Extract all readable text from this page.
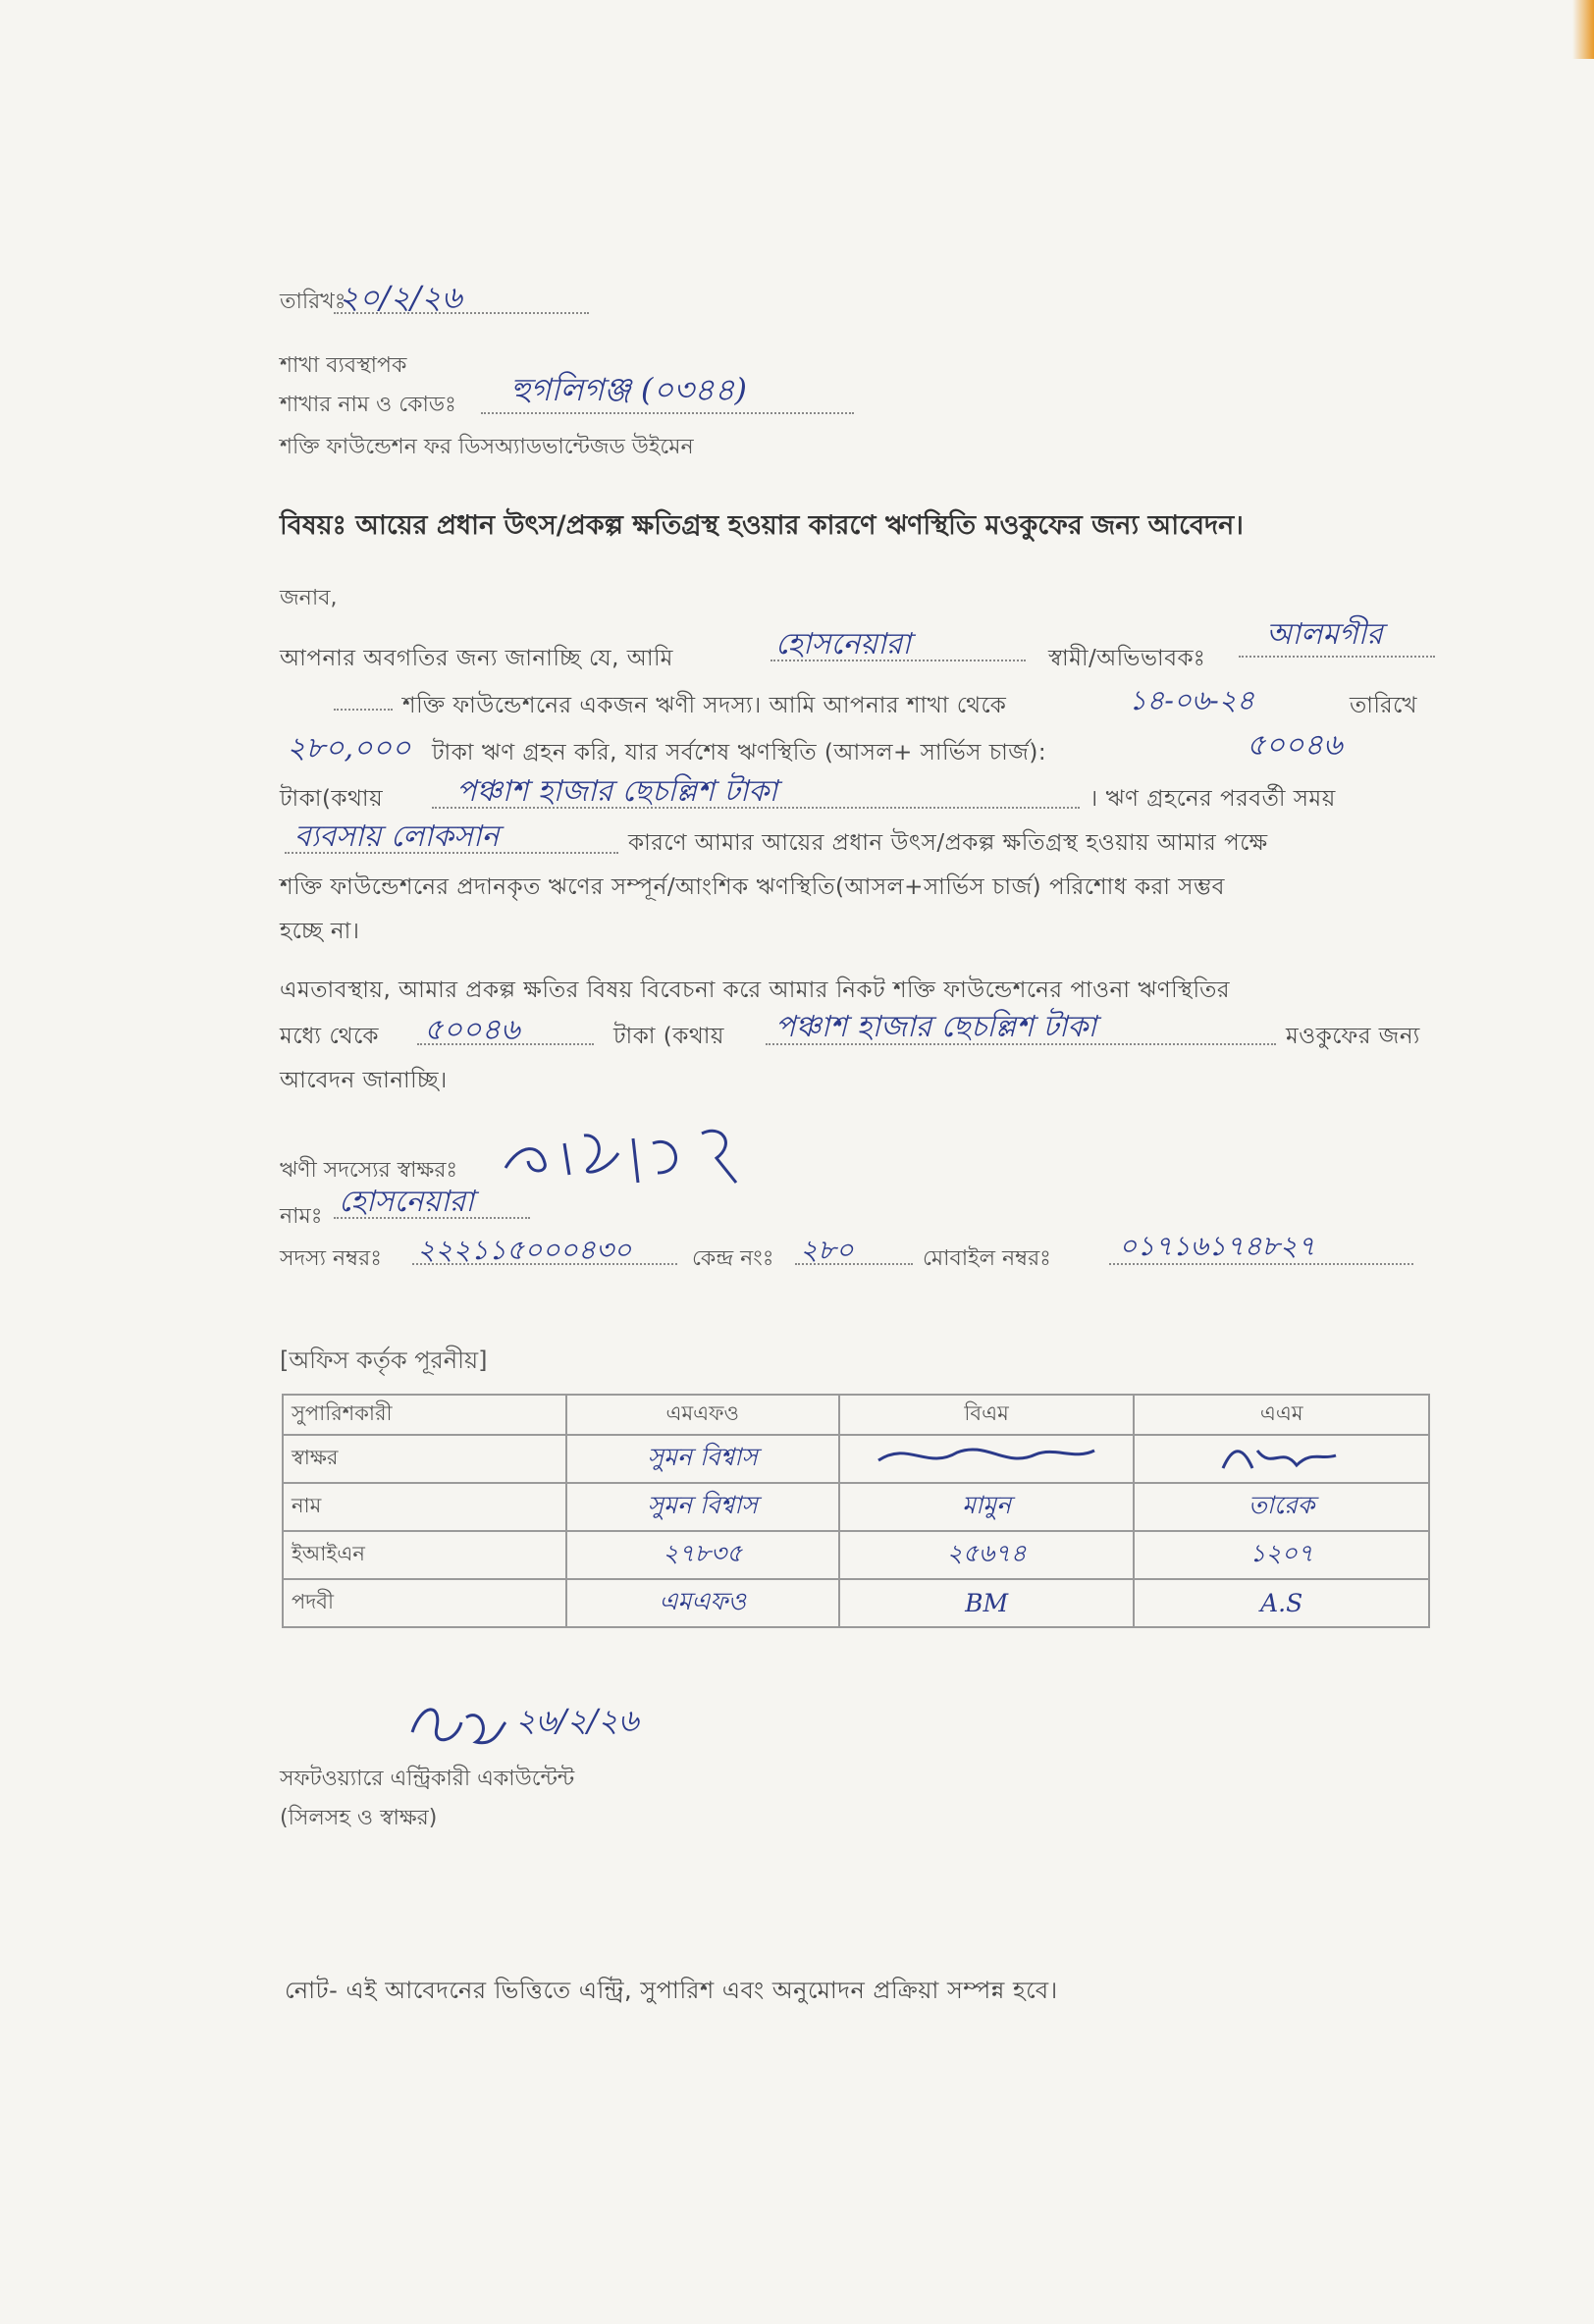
তারিখঃ
২০/২/২৬
শাখা ব্যবস্থাপক
শাখার নাম ও কোডঃ হুগলিগঞ্জ (০৩৪৪)
শক্তি ফাউন্ডেশন ফর ডিসঅ্যাডভান্টেজড উইমেন
বিষয়ঃ আয়ের প্রধান উৎস/প্রকল্প ক্ষতিগ্রস্থ হওয়ার কারণে ঋণস্থিতি মওকুফের জন্য আবেদন।
জনাব,
আপনার অবগতির জন্য জানাচ্ছি যে, আমি	হোসনেয়ারা	স্বামী/অভিভাবকঃ
আলমগীর
শক্তি ফাউন্ডেশনের একজন ঋণী সদস্য। আমি আপনার শাখা থেকে	১৪-০৬-২৪	তারিখে
২৮০,০০০ টাকা ঋণ গ্রহন করি, যার সর্বশেষ ঋণস্থিতি (আসল+ সার্ভিস চার্জ):	৫০০৪৬
টাকা(কথায় পঞ্চাশ হাজার ছেচল্লিশ টাকা	। ঋণ গ্রহনের পরবর্তী সময়
ব্যবসায় লোকসান	কারণে আমার আয়ের প্রধান উৎস/প্রকল্প ক্ষতিগ্রস্থ হওয়ায় আমার পক্ষে
শক্তি ফাউন্ডেশনের প্রদানকৃত ঋণের সম্পূর্ন/আংশিক ঋণস্থিতি(আসল+সার্ভিস চার্জ) পরিশোধ করা সম্ভব
হচ্ছে না।
এমতাবস্থায়, আমার প্রকল্প ক্ষতির বিষয় বিবেচনা করে আমার নিকট শক্তি ফাউন্ডেশনের পাওনা ঋণস্থিতির
মধ্যে থেকে ৫০০৪৬	টাকা (কথায় পঞ্চাশ হাজার ছেচল্লিশ টাকা	মওকুফের জন্য
আবেদন জানাচ্ছি।
ঋণী সদস্যের স্বাক্ষরঃ
নামঃ হোসনেয়ারা
সদস্য নম্বরঃ ২২২১১৫০০০৪৩০	কেন্দ্র নংঃ ২৮০	মোবাইল নম্বরঃ ০১৭১৬১৭৪৮২৭
[অফিস কর্তৃক পূরনীয়]
সুপারিশকারী	এমএফও	বিএম	এএম
স্বাক্ষর	সুমন বিশ্বাস		
নাম	সুমন বিশ্বাস	মামুন	তারেক
ইআইএন	২৭৮৩৫	২৫৬৭৪	১২০৭
পদবী	এমএফও	BM	A.S
২৬/২/২৬
সফটওয়্যারে এন্ট্রিকারী একাউন্টেন্ট
(সিলসহ ও স্বাক্ষর)
নোট- এই আবেদনের ভিত্তিতে এন্ট্রি, সুপারিশ এবং অনুমোদন প্রক্রিয়া সম্পন্ন হবে।
